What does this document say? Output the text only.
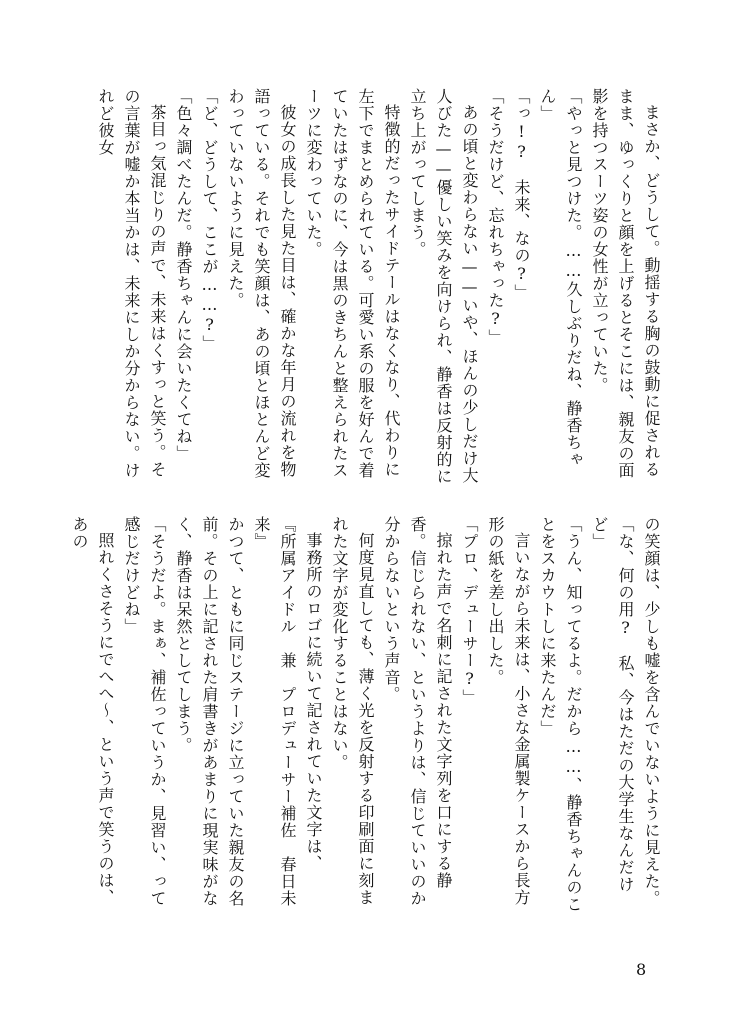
まさか、どうして。動揺する胸の鼓動に促されるまま、ゆっくりと顔を上げるとそこには、親友の面影を持つスーツ姿の女性が立っていた。

「やっと見つけた。……久しぶりだね、静香ちゃん」

「っ!?　未来、なの?」

「そうだけど、忘れちゃった?」

あの頃と変わらない——いや、ほんの少しだけ大人びた——優しい笑みを向けられ、静香は反射的に立ち上がってしまう。

特徴的だったサイドテールはなくなり、代わりに左下でまとめられている。可愛い系の服を好んで着ていたはずなのに、今は黒のきちんと整えられたスーツに変わっていた。

彼女の成長した見た目は、確かな年月の流れを物語っている。それでも笑顔は、あの頃とほとんど変わっていないように見えた。

「ど、どうして、ここが……?」

「色々調べたんだ。静香ちゃんに会いたくてね」

茶目っ気混じりの声で、未来はくすっと笑う。その言葉が嘘か本当かは、未来にしか分からない。けれど彼女

の笑顔は、少しも嘘を含んでいないように見えた。

「な、何の用?　私、今はただの大学生なんだけど」

「うん、知ってるよ。だから……、静香ちゃんのことをスカウトしに来たんだ」

言いながら未来は、小さな金属製ケースから長方形の紙を差し出した。

「プロ、デューサー?」

掠れた声で名刺に記された文字列を口にする静香。信じられない、というよりは、信じていいのか分からないという声音。

何度見直しても、薄く光を反射する印刷面に刻まれた文字が変化することはない。

事務所のロゴに続いて記されていた文字は、

『所属アイドル　兼　プロデューサー補佐　春日未来』

かつて、ともに同じステージに立っていた親友の名前。その上に記された肩書きがあまりに現実味がなく、静香は呆然としてしまう。

「そうだよ。まぁ、補佐っていうか、見習い、って感じだけどね」

照れくさそうにでへへ〜、という声で笑うのは、あの

8
